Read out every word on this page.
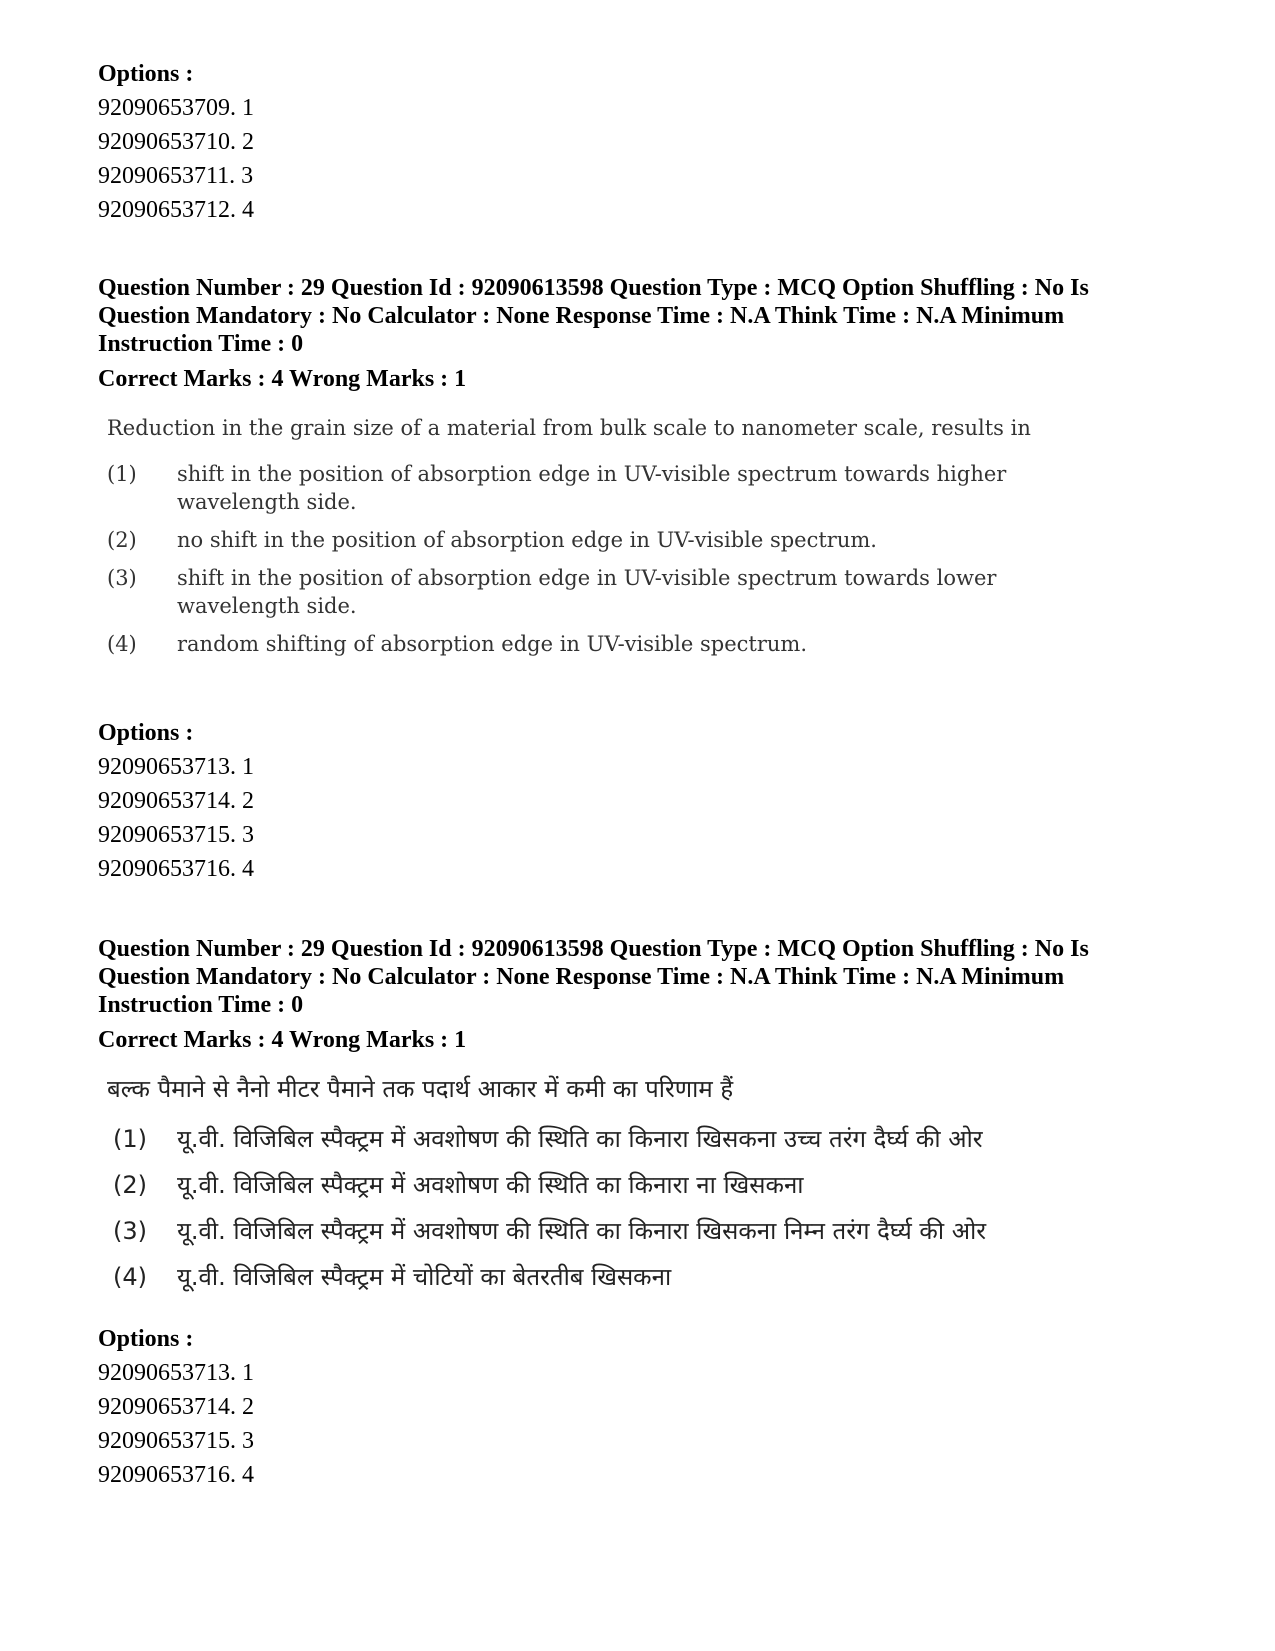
Options :

92090653709. 1

92090653710. 2

92090653711. 3

92090653712. 4

Question Number : 29 Question Id : 92090613598 Question Type : MCQ Option Shuffling : No Is Question Mandatory : No Calculator : None Response Time : N.A Think Time : N.A Minimum Instruction Time : 0

Correct Marks : 4 Wrong Marks : 1

Reduction in the grain size of a material from bulk scale to nanometer scale, results in

(1) shift in the position of absorption edge in UV-visible spectrum towards higher wavelength side.

(2) no shift in the position of absorption edge in UV-visible spectrum.

(3) shift in the position of absorption edge in UV-visible spectrum towards lower wavelength side.

(4) random shifting of absorption edge in UV-visible spectrum.

Options :

92090653713. 1

92090653714. 2

92090653715. 3

92090653716. 4

Question Number : 29 Question Id : 92090613598 Question Type : MCQ Option Shuffling : No Is Question Mandatory : No Calculator : None Response Time : N.A Think Time : N.A Minimum Instruction Time : 0

Correct Marks : 4 Wrong Marks : 1

बल्क पैमाने से नैनो मीटर पैमाने तक पदार्थ आकार में कमी का परिणाम हैं

(1) यू.वी. विजिबिल स्पैक्ट्रम में अवशोषण की स्थिति का किनारा खिसकना उच्च तरंग दैर्घ्य की ओर

(2) यू.वी. विजिबिल स्पैक्ट्रम में अवशोषण की स्थिति का किनारा ना खिसकना

(3) यू.वी. विजिबिल स्पैक्ट्रम में अवशोषण की स्थिति का किनारा खिसकना निम्न तरंग दैर्घ्य की ओर

(4) यू.वी. विजिबिल स्पैक्ट्रम में चोटियों का बेतरतीब खिसकना

Options :

92090653713. 1

92090653714. 2

92090653715. 3

92090653716. 4
